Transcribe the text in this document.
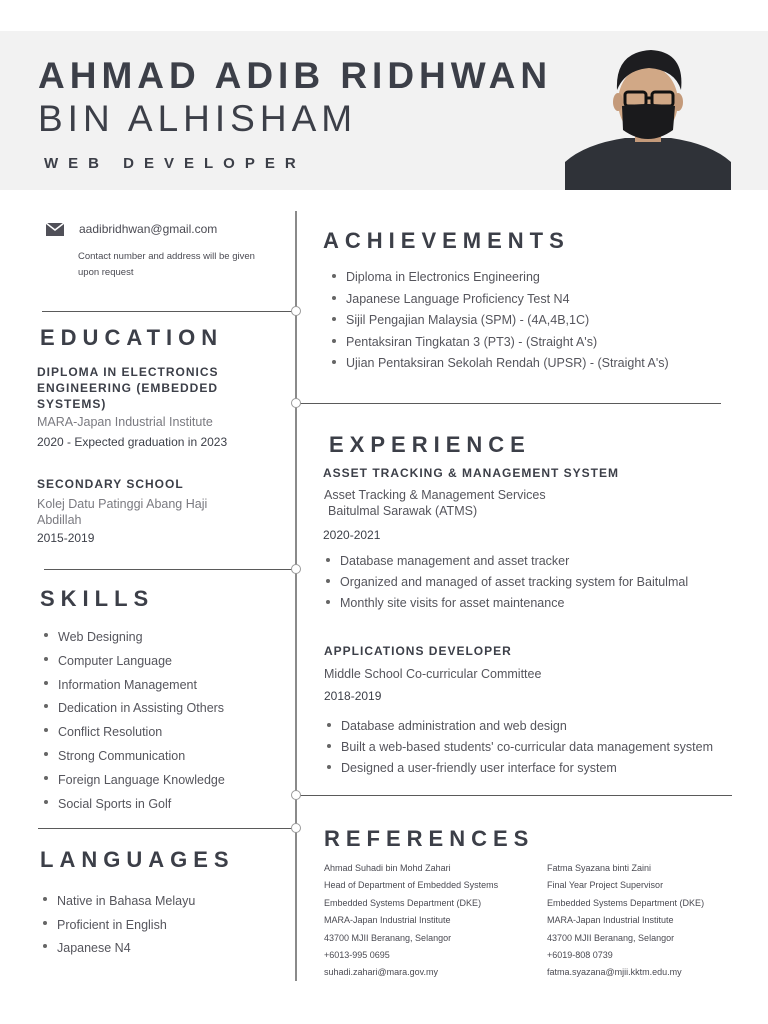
AHMAD ADIB RIDHWAN
BIN ALHISHAM
WEB DEVELOPER
aadibridhwan@gmail.com
Contact number and address will be given upon request
EDUCATION
DIPLOMA IN ELECTRONICS ENGINEERING (EMBEDDED SYSTEMS)
MARA-Japan Industrial Institute
2020 - Expected graduation in 2023
SECONDARY SCHOOL
Kolej Datu Patinggi Abang Haji Abdillah
2015-2019
SKILLS
Web Designing
Computer Language
Information Management
Dedication in Assisting Others
Conflict Resolution
Strong Communication
Foreign Language Knowledge
Social Sports in Golf
LANGUAGES
Native in Bahasa Melayu
Proficient in English
Japanese N4
ACHIEVEMENTS
Diploma in Electronics Engineering
Japanese Language Proficiency Test N4
Sijil Pengajian Malaysia (SPM) - (4A,4B,1C)
Pentaksiran Tingkatan 3 (PT3) - (Straight A's)
Ujian Pentaksiran Sekolah Rendah (UPSR) - (Straight A's)
EXPERIENCE
ASSET TRACKING & MANAGEMENT SYSTEM
Asset Tracking & Management Services
Baitulmal Sarawak (ATMS)
2020-2021
Database management and asset tracker
Organized and managed of asset tracking system for Baitulmal
Monthly site visits for asset maintenance
APPLICATIONS DEVELOPER
Middle School Co-curricular Committee
2018-2019
Database administration and web design
Built a web-based students' co-curricular data management system
Designed a user-friendly user interface for system
REFERENCES
Ahmad Suhadi bin Mohd Zahari
Head of Department of Embedded Systems
Embedded Systems Department (DKE)
MARA-Japan Industrial Institute
43700 MJII Beranang, Selangor
+6013-995 0695
suhadi.zahari@mara.gov.my
Fatma Syazana binti Zaini
Final Year Project Supervisor
Embedded Systems Department (DKE)
MARA-Japan Industrial Institute
43700 MJII Beranang, Selangor
+6019-808 0739
fatma.syazana@mjii.kktm.edu.my
